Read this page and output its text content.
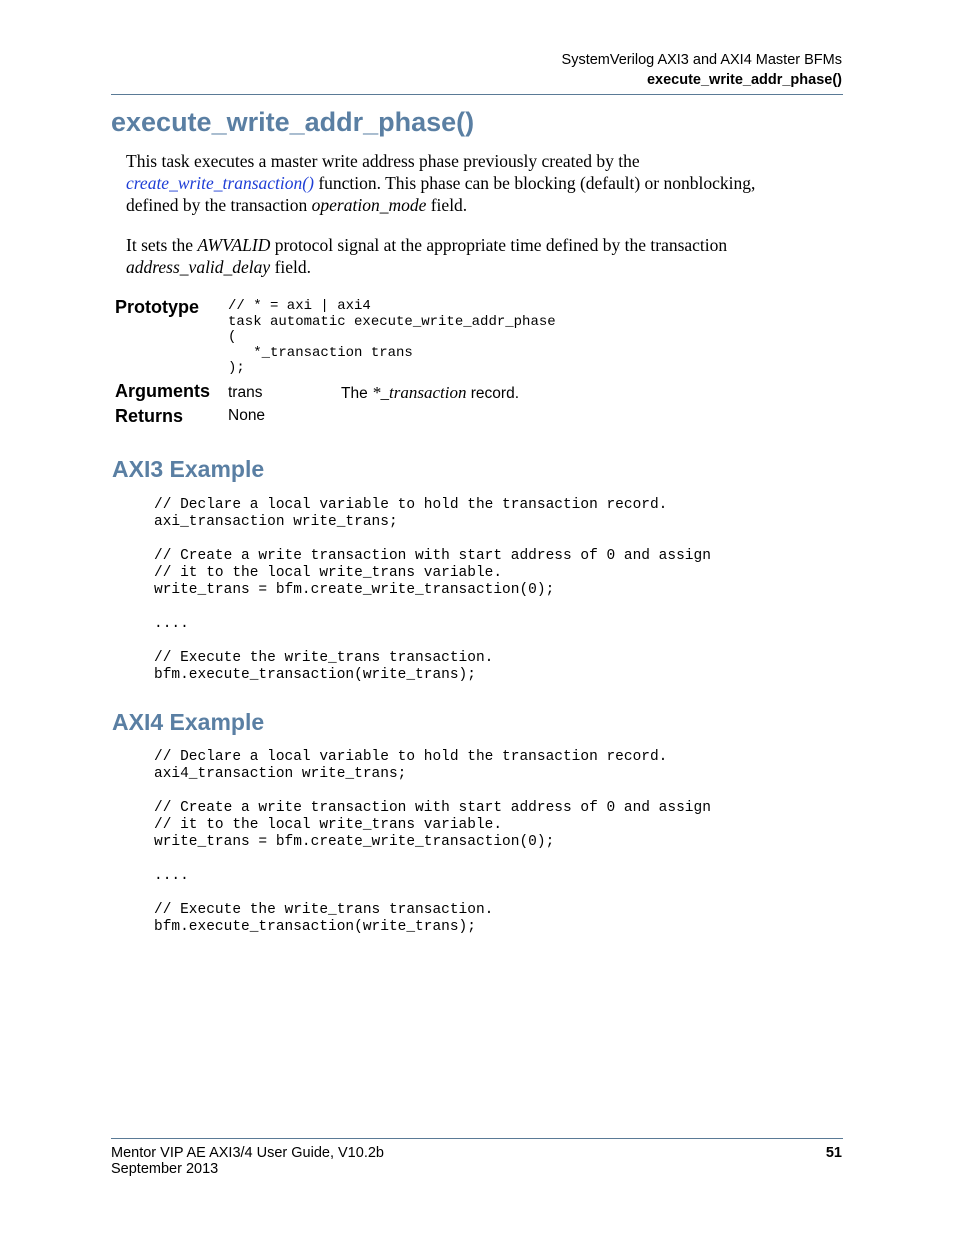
SystemVerilog AXI3 and AXI4 Master BFMs
execute_write_addr_phase()
execute_write_addr_phase()
This task executes a master write address phase previously created by the
create_write_transaction() function. This phase can be blocking (default) or nonblocking,
defined by the transaction operation_mode field.
It sets the AWVALID protocol signal at the appropriate time defined by the transaction
address_valid_delay field.
Prototype // * = axi | axi4
task automatic execute_write_addr_phase
(
*_transaction trans
);
Arguments trans	The *_transaction record.
Returns	None
AXI3 Example
// Declare a local variable to hold the transaction record.
axi_transaction write_trans;

// Create a write transaction with start address of 0 and assign
// it to the local write_trans variable.
write_trans = bfm.create_write_transaction(0);

....

// Execute the write_trans transaction.
bfm.execute_transaction(write_trans);
AXI4 Example
// Declare a local variable to hold the transaction record.
axi4_transaction write_trans;

// Create a write transaction with start address of 0 and assign
// it to the local write_trans variable.
write_trans = bfm.create_write_transaction(0);

....

// Execute the write_trans transaction.
bfm.execute_transaction(write_trans);
Mentor VIP AE AXI3/4 User Guide, V10.2b
September 2013
51
